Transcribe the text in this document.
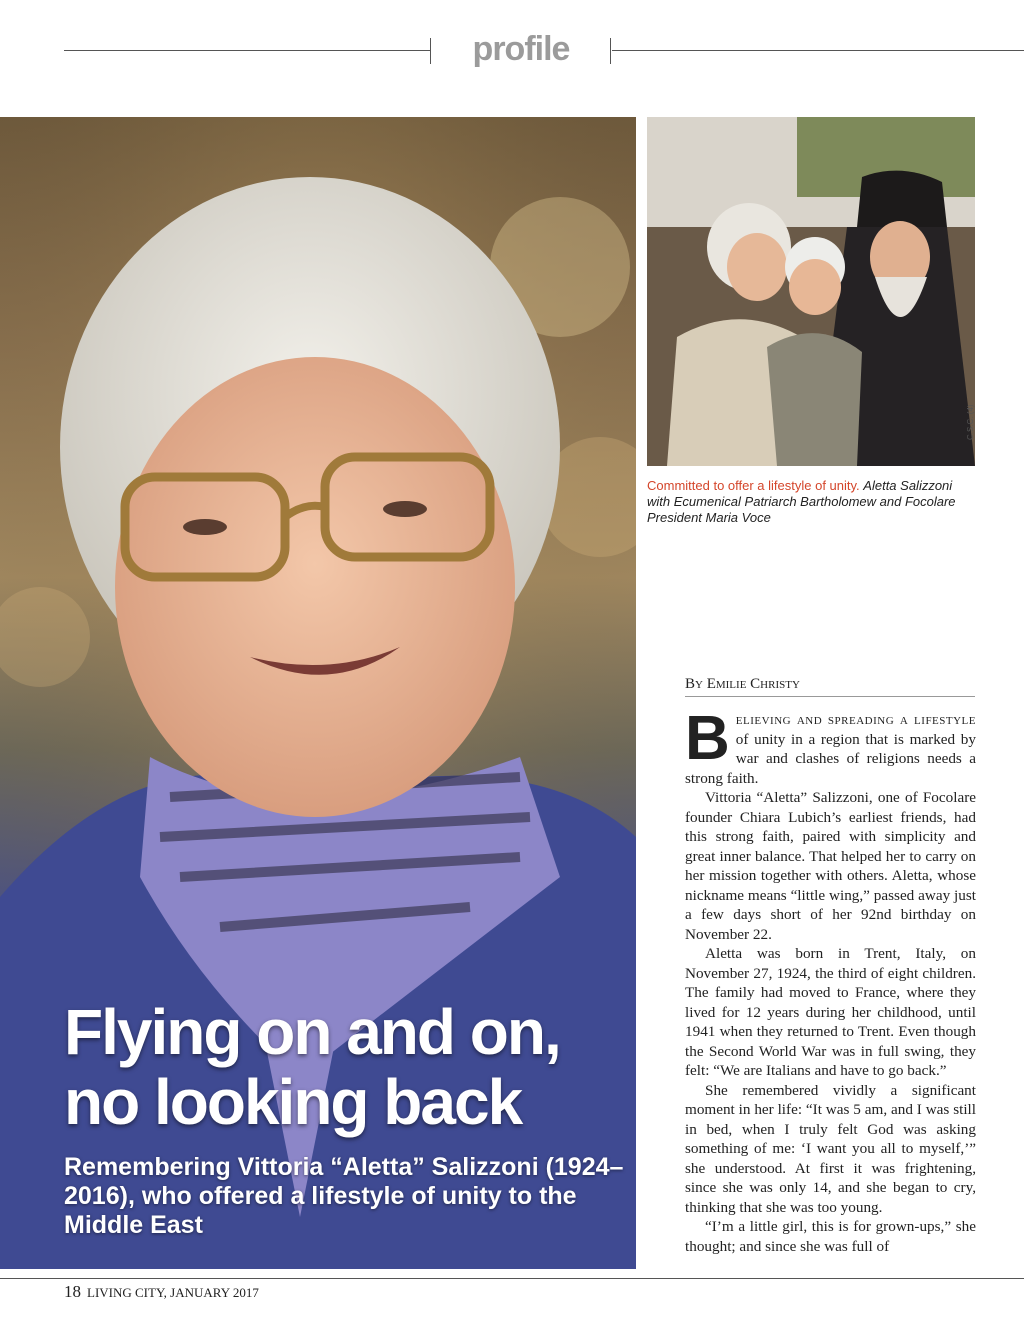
profile
Flying on and on,
no looking back
Remembering Vittoria “Aletta” Salizzoni (1924–2016), who offered a lifestyle of unity to the Middle East
C.S.C. (4)
Committed to offer a lifestyle of unity. Aletta Salizzoni with Ecumenical Patriarch Bartholomew and Focolare President Maria Voce
By Emilie Christy

Believing and spreading a lifestyle of unity in a region that is marked by war and clashes of religions needs a strong faith.

Vittoria “Aletta” Salizzoni, one of Focolare founder Chiara Lubich’s earliest friends, had this strong faith, paired with simplicity and great inner balance. That helped her to carry on her mission together with others. Aletta, whose nickname means “little wing,” passed away just a few days short of her 92nd birthday on November 22.

Aletta was born in Trent, Italy, on November 27, 1924, the third of eight children. The family had moved to France, where they lived for 12 years during her childhood, until 1941 when they returned to Trent. Even though the Second World War was in full swing, they felt: “We are Italians and have to go back.”

She remembered vividly a significant moment in her life: “It was 5 am, and I was still in bed, when I truly felt God was asking something of me: ‘I want you all to myself,’” she understood. At first it was frightening, since she was only 14, and she began to cry, thinking that she was too young.

“I’m a little girl, this is for grown-ups,” she thought; and since she was full of

18 LIVING CITY, JANUARY 2017
